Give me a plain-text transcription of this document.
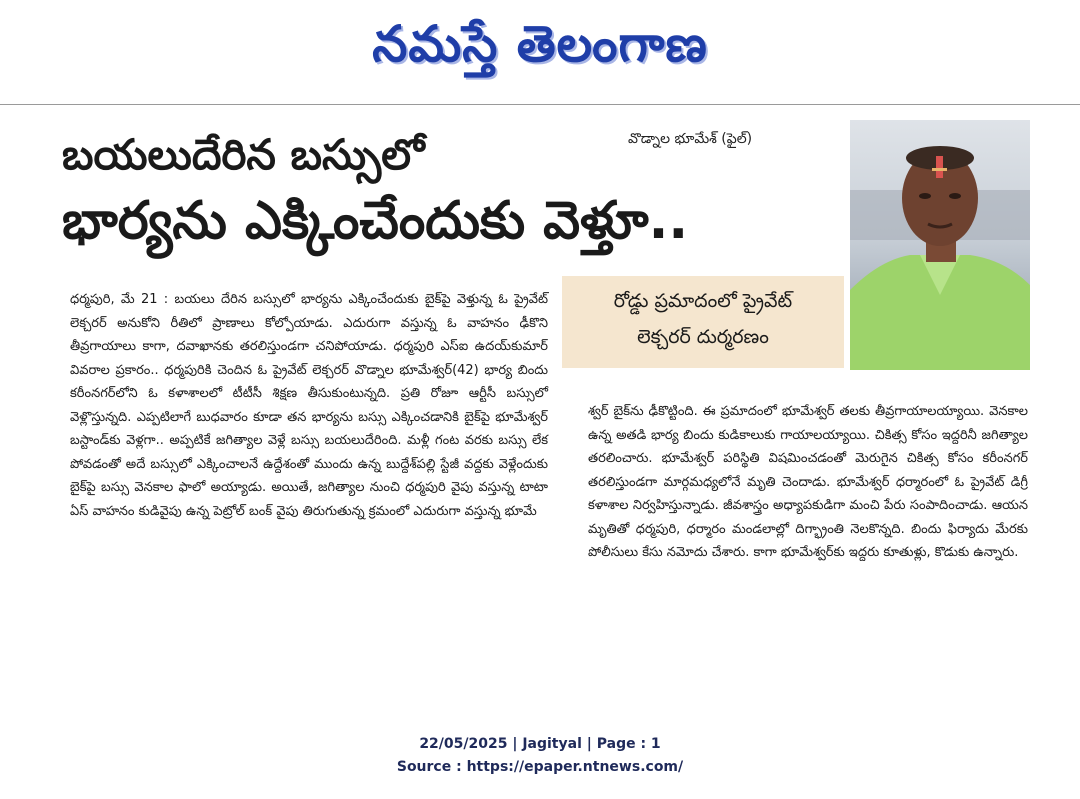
నమస్తే తెలంగాణ
బయలుదేరిన బస్సులో
భార్యను ఎక్కించేందుకు వెళ్తూ..
వొడ్నాల భూమేశ్ (ఫైల్)
రోడ్డు ప్రమాదంలో ప్రైవేట్
లెక్చరర్ దుర్మరణం

ధర్మపురి, మే 21 : బయలు దేరిన బస్సులో భార్యను ఎక్కించేందుకు బైక్‌పై వెళ్తున్న ఓ ప్రైవేట్ లెక్చరర్ అనుకోని రీతిలో ప్రాణాలు కోల్పోయాడు. ఎదురుగా వస్తున్న ఓ వాహనం ఢీకొని తీవ్రగాయాలు కాగా, దవాఖానకు తరలిస్తుండగా చనిపోయాడు. ధర్మపురి ఎస్ఐ ఉదయ్‌కుమార్ వివరాల ప్రకారం.. ధర్మపురికి చెందిన ఓ ప్రైవేట్ లెక్చరర్ వొడ్నాల భూమేశ్వర్(42) భార్య బిందు కరీంనగర్‌లోని ఓ కళాశాలలో టీటీసీ శిక్షణ తీసుకుంటున్నది. ప్రతి రోజూ ఆర్టీసీ బస్సులో వెళ్లొస్తున్నది. ఎప్పటిలాగే బుధవారం కూడా తన భార్యను బస్సు ఎక్కించడానికి బైక్‌పై భూమేశ్వర్ బస్టాండ్‌కు వెళ్లగా.. అప్పటికే జగిత్యాల వెళ్లే బస్సు బయలుదేరింది. మళ్లీ గంట వరకు బస్సు లేక పోవడంతో అదే బస్సులో ఎక్కించాలనే ఉద్దేశంతో ముందు ఉన్న బుద్దేశ్‌పల్లి స్టేజీ వద్దకు వెళ్లేందుకు బైక్‌పై బస్సు వెనకాల ఫాలో అయ్యాడు. అయితే, జగిత్యాల నుంచి ధర్మపురి వైపు వస్తున్న టాటా ఏస్ వాహనం కుడివైపు ఉన్న పెట్రోల్ బంక్ వైపు తిరుగుతున్న క్రమంలో ఎదురుగా వస్తున్న భూమే

శ్వర్ బైక్‌ను ఢీకొట్టింది. ఈ ప్రమాదంలో భూమేశ్వర్ తలకు తీవ్రగాయాలయ్యాయి. వెనకాల ఉన్న అతడి భార్య బిందు కుడికాలుకు గాయాలయ్యాయి. చికిత్స కోసం ఇద్దరినీ జగిత్యాల తరలించారు. భూమేశ్వర్ పరిస్థితి విషమించడంతో మెరుగైన చికిత్స కోసం కరీంనగర్ తరలిస్తుండగా మార్గమధ్యలోనే మృతి చెందాడు. భూమేశ్వర్ ధర్మారంలో ఓ ప్రైవేట్ డిగ్రీ కళాశాల నిర్వహిస్తున్నాడు. జీవశాస్త్రం అధ్యాపకుడిగా మంచి పేరు సంపాదించాడు. ఆయన మృతితో ధర్మపురి, ధర్మారం మండలాల్లో దిగ్భ్రాంతి నెలకొన్నది. బిందు ఫిర్యాదు మేరకు పోలీసులు కేసు నమోదు చేశారు. కాగా భూమేశ్వర్‌కు ఇద్దరు కూతుళ్లు, కొడుకు ఉన్నారు.

22/05/2025 | Jagityal | Page : 1
Source : https://epaper.ntnews.com/
